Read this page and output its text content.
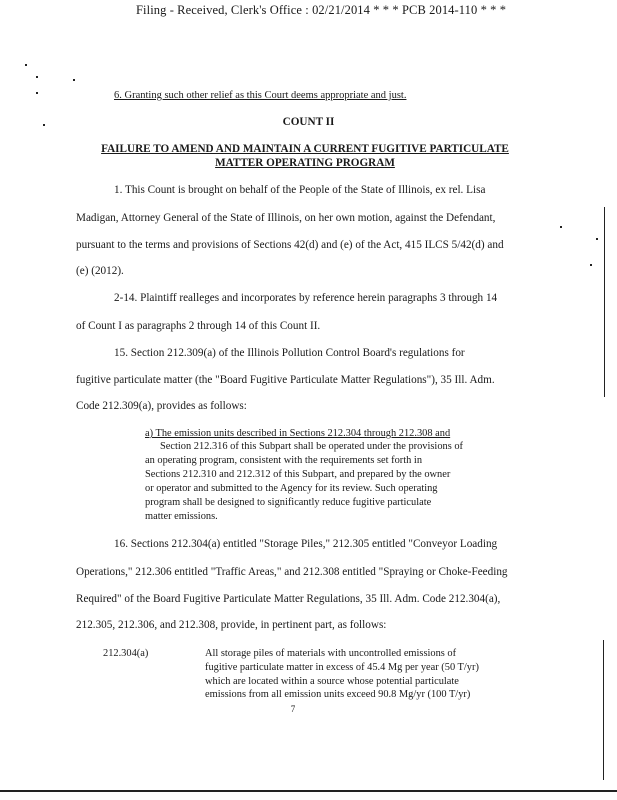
Filing - Received, Clerk's Office : 02/21/2014 * * * PCB 2014-110 * * *
6. Granting such other relief as this Court deems appropriate and just.
COUNT II
FAILURE TO AMEND AND MAINTAIN A CURRENT FUGITIVE PARTICULATE
MATTER OPERATING PROGRAM
1. This Count is brought on behalf of the People of the State of Illinois, ex rel. Lisa
Madigan, Attorney General of the State of Illinois, on her own motion, against the Defendant,
pursuant to the terms and provisions of Sections 42(d) and (e) of the Act, 415 ILCS 5/42(d) and
(e) (2012).
2-14. Plaintiff realleges and incorporates by reference herein paragraphs 3 through 14
of Count I as paragraphs 2 through 14 of this Count II.
15. Section 212.309(a) of the Illinois Pollution Control Board's regulations for
fugitive particulate matter (the "Board Fugitive Particulate Matter Regulations"), 35 Ill. Adm.
Code 212.309(a), provides as follows:
a) The emission units described in Sections 212.304 through 212.308 and
Section 212.316 of this Subpart shall be operated under the provisions of
an operating program, consistent with the requirements set forth in
Sections 212.310 and 212.312 of this Subpart, and prepared by the owner
or operator and submitted to the Agency for its review. Such operating
program shall be designed to significantly reduce fugitive particulate
matter emissions.
16. Sections 212.304(a) entitled "Storage Piles," 212.305 entitled "Conveyor Loading
Operations," 212.306 entitled "Traffic Areas," and 212.308 entitled "Spraying or Choke-Feeding
Required" of the Board Fugitive Particulate Matter Regulations, 35 Ill. Adm. Code 212.304(a),
212.305, 212.306, and 212.308, provide, in pertinent part, as follows:
212.304(a)	All storage piles of materials with uncontrolled emissions of
fugitive particulate matter in excess of 45.4 Mg per year (50 T/yr)
which are located within a source whose potential particulate
emissions from all emission units exceed 90.8 Mg/yr (100 T/yr)
7
